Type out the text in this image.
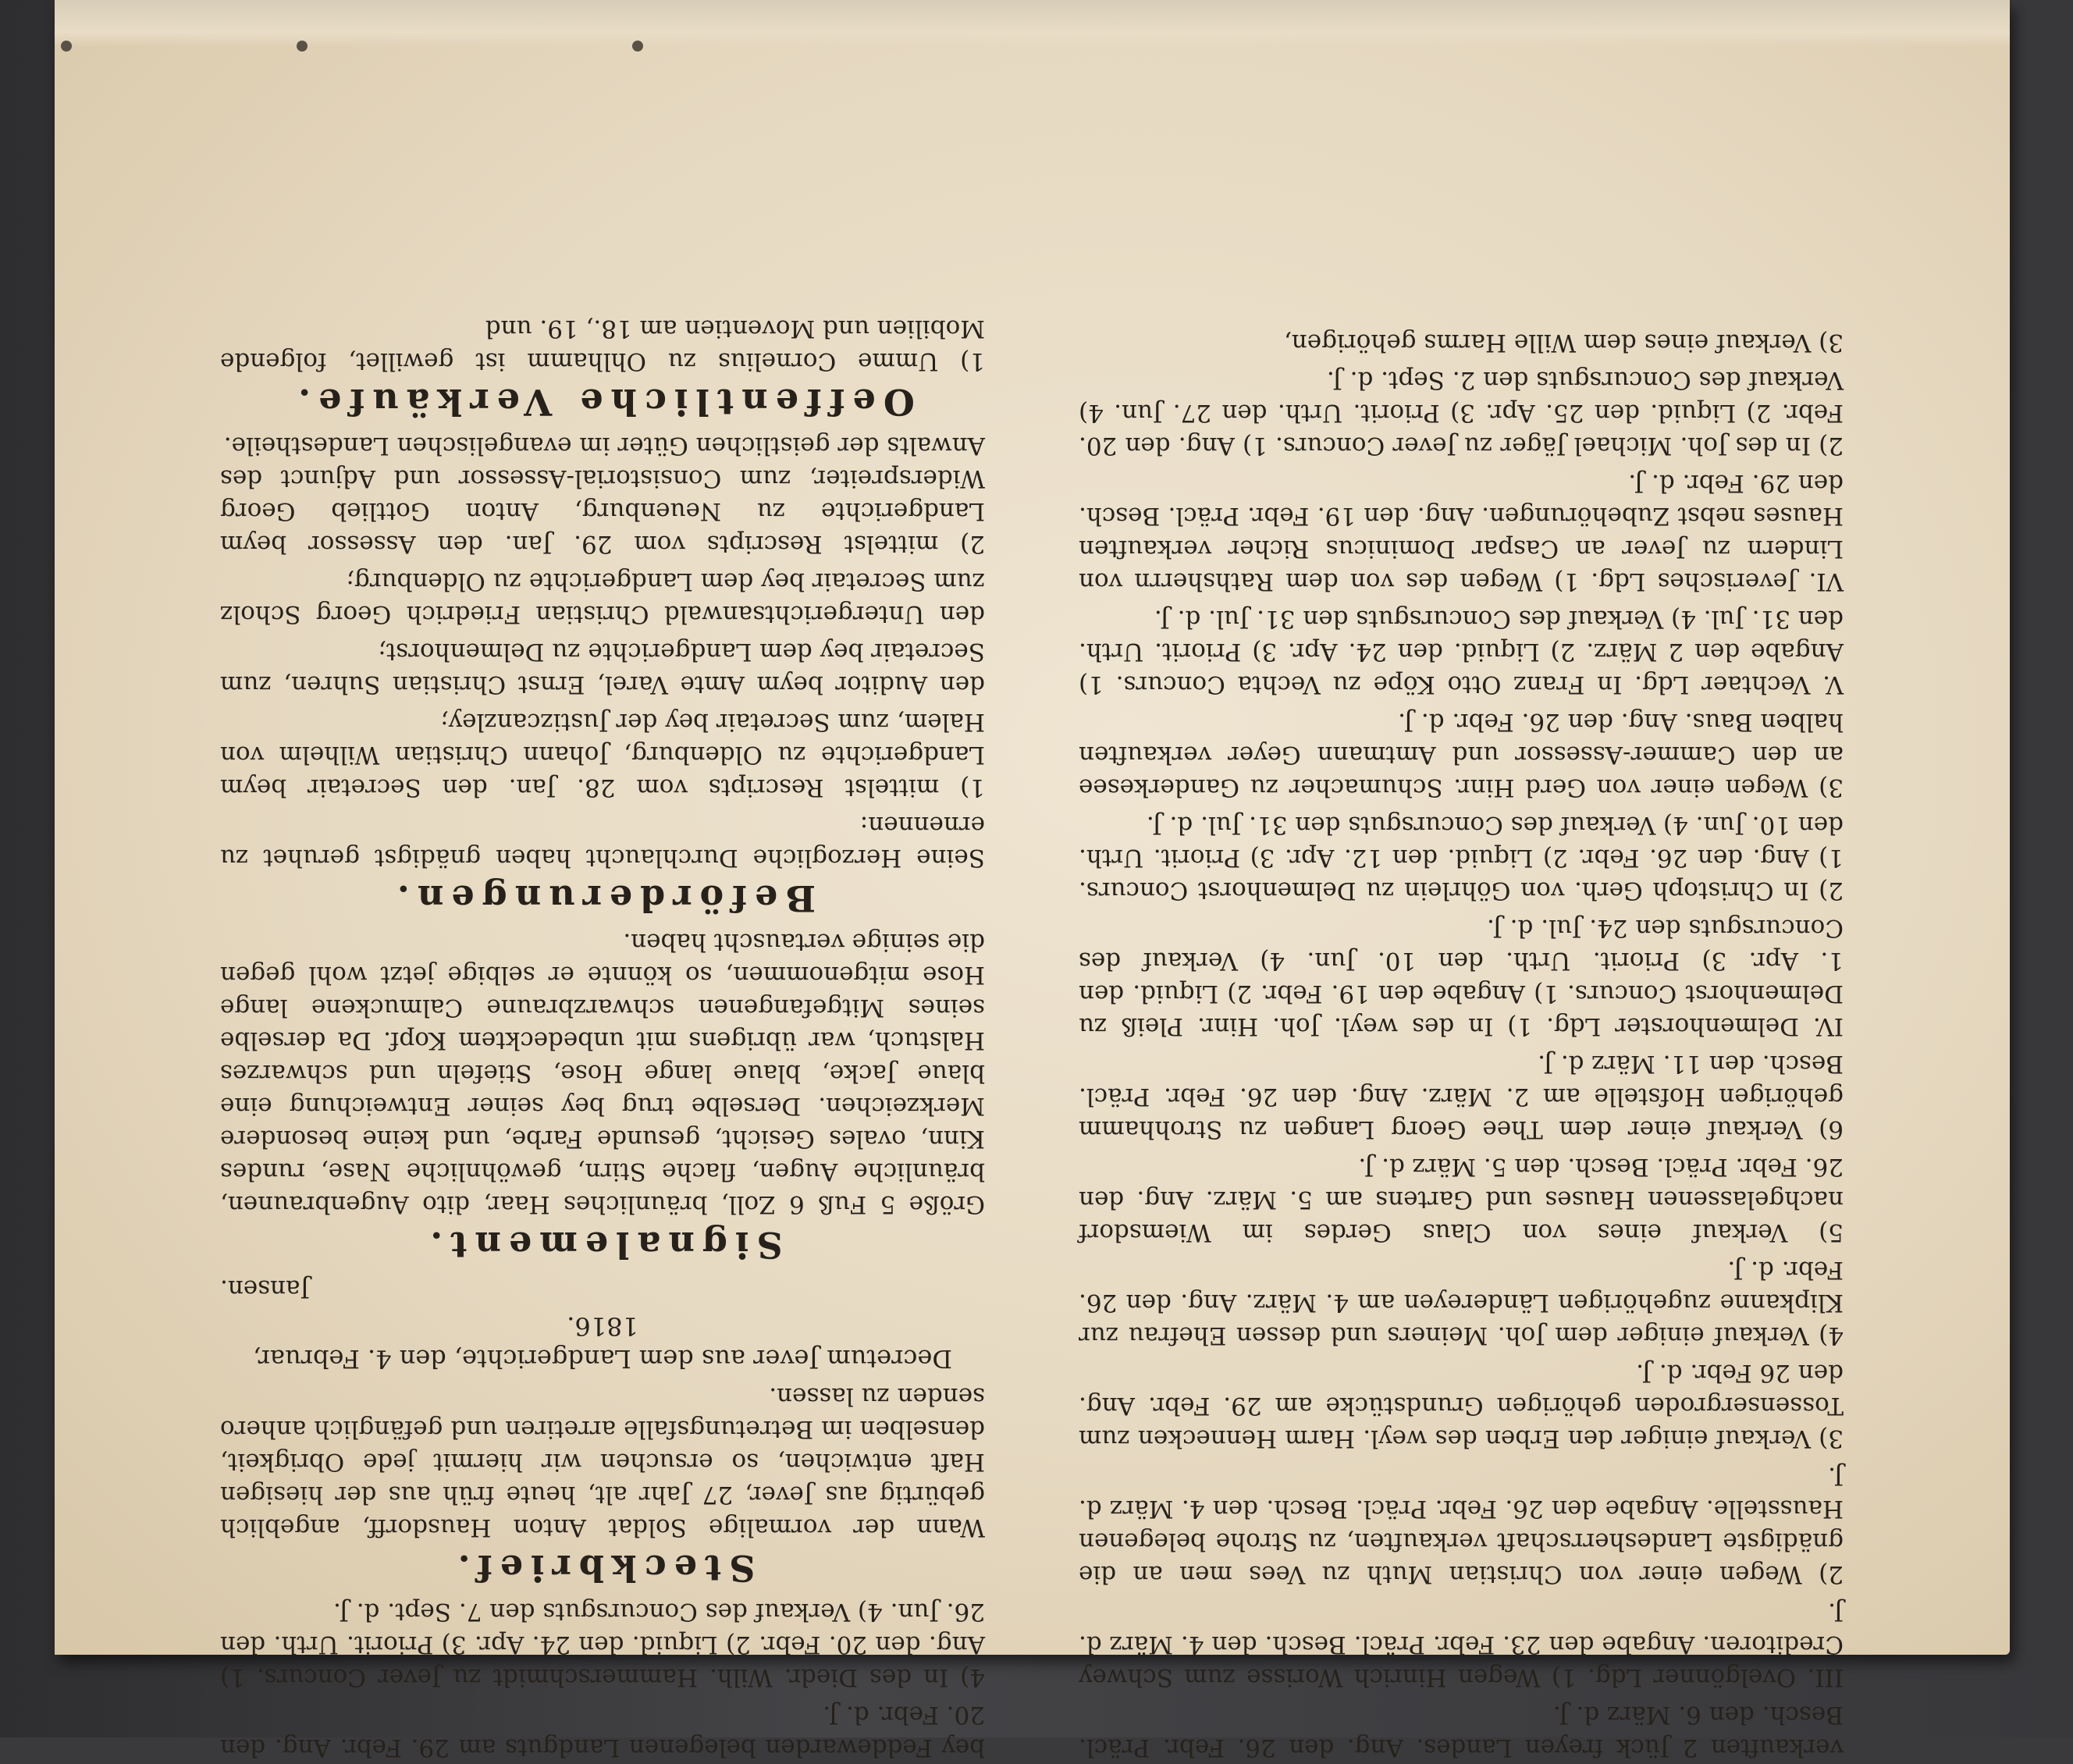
verkauften 2 Jück freyen Landes. Ang. den 26. Febr. Präcl. Besch. den 6. März d. J.

III. Ovelgönner Ldg. 1) Wegen Hinrich Worisse zum Schwey Creditoren. Angabe den 23. Febr. Präcl. Besch. den 4. März d. J.

2) Wegen einer von Christian Muth zu Vees men an die gnädigste Landesherrschaft verkauften, zu Strohe belegenen Hausstelle. Angabe den 26. Febr. Präcl. Besch. den 4. März d. J.

3) Verkauf einiger den Erben des weyl. Harm Hennecken zum Tossensergroden gehörigen Grundstücke am 29. Febr. Ang. den 26 Febr. d. J.

4) Verkauf einiger dem Joh. Meiners und dessen Ehefrau zur Klipkanne zugehörigen Ländereyen am 4. März. Ang. den 26. Febr. d. J.

5) Verkauf eines von Claus Gerdes im Wiemsdorf nachgelassenen Hauses und Gartens am 5. März. Ang. den 26. Febr. Präcl. Besch. den 5. März d. J.

6) Verkauf einer dem Thee Georg Langen zu Strohhamm gehörigen Hofstelle am 2. März. Ang. den 26. Febr. Präcl. Besch. den 11. März d. J.

IV. Delmenhorster Ldg. 1) In des weyl. Joh. Hinr. Pleiß zu Delmenhorst Concurs. 1) Angabe den 19. Febr. 2) Liquid. den 1. Apr. 3) Priorit. Urth. den 10. Jun. 4) Verkauf des Concursguts den 24. Jul. d. J.

2) In Christoph Gerh. von Göhrlein zu Delmenhorst Concurs. 1) Ang. den 26. Febr. 2) Liquid. den 12. Apr. 3) Priorit. Urth. den 10. Jun. 4) Verkauf des Concursguts den 31. Jul. d. J.

3) Wegen einer von Gerd Hinr. Schumacher zu Ganderkesee an den Cammer-Assessor und Amtmann Geyer verkauften halben Baus. Ang. den 26. Febr. d. J.

V. Vechtaer Ldg. In Franz Otto Köpe zu Vechta Concurs. 1) Angabe den 2 März. 2) Liquid. den 24. Apr. 3) Priorit. Urth. den 31. Jul. 4) Verkauf des Concursguts den 31. Jul. d. J.

VI. Jeverisches Ldg. 1) Wegen des von dem Rathsherrn von Lindern zu Jever an Caspar Dominicus Richer verkauften Hauses nebst Zubehörungen. Ang. den 19. Febr. Präcl. Besch. den 29. Febr. d. J.

2) In des Joh. Michael Jäger zu Jever Concurs. 1) Ang. den 20. Febr. 2) Liquid. den 25. Apr. 3) Priorit. Urth. den 27. Jun. 4) Verkauf des Concursguts den 2. Sept. d. J.

3) Verkauf eines dem Wille Harms gehörigen,

bey Feddewarden belegenen Landguts am 29. Febr. Ang. den 20. Febr. d. J.

4) In des Diedr. Wilh. Hammerschmidt zu Jever Concurs. 1) Ang. den 20. Febr. 2) Liquid. den 24. Apr. 3) Priorit. Urth. den 26. Jun. 4) Verkauf des Concursguts den 7. Sept. d. J.

Steckbrief.

Wann der vormalige Soldat Anton Hausdorff, angeblich gebürtig aus Jever, 27 Jahr alt, heute früh aus der hiesigen Haft entwichen, so ersuchen wir hiermit jede Obrigkeit, denselben im Betretungsfalle arretiren und gefänglich anhero senden zu lassen.

Decretum Jever aus dem Landgerichte, den 4. Februar, 1816.

Jansen.

Signalement.

Größe 5 Fuß 6 Zoll, bräunliches Haar, dito Augenbraunen, bräunliche Augen, flache Stirn, gewöhnliche Nase, rundes Kinn, ovales Gesicht, gesunde Farbe, und keine besondere Merkzeichen. Derselbe trug bey seiner Entweichung eine blaue Jacke, blaue lange Hose, Stiefeln und schwarzes Halstuch, war übrigens mit unbedecktem Kopf. Da derselbe seines Mitgefangenen schwarzbraune Calmuckene lange Hose mitgenommen, so könnte er selbige jetzt wohl gegen die seinige vertauscht haben.

Beförderungen.

Seine Herzogliche Durchlaucht haben gnädigst geruhet zu ernennen:

1) mittelst Rescripts vom 28. Jan. den Secretair beym Landgerichte zu Oldenburg, Johann Christian Wilhelm von Halem, zum Secretair bey der Justizcanzley;

den Auditor beym Amte Varel, Ernst Christian Suhren, zum Secretair bey dem Landgerichte zu Delmenhorst;

den Untergerichtsanwald Christian Friedrich Georg Scholz zum Secretair bey dem Landgerichte zu Oldenburg;

2) mittelst Rescripts vom 29. Jan. den Assessor beym Landgerichte zu Neuenburg, Anton Gottlieb Georg Widerspreiter, zum Consistorial-Assessor und Adjunct des Anwalts der geistlichen Güter im evangelischen Landestheile.

Oeffentliche Verkäufe.

1) Umme Cornelius zu Ohlhamm ist gewillet, folgende Mobilien und Moventien am 18., 19. und
